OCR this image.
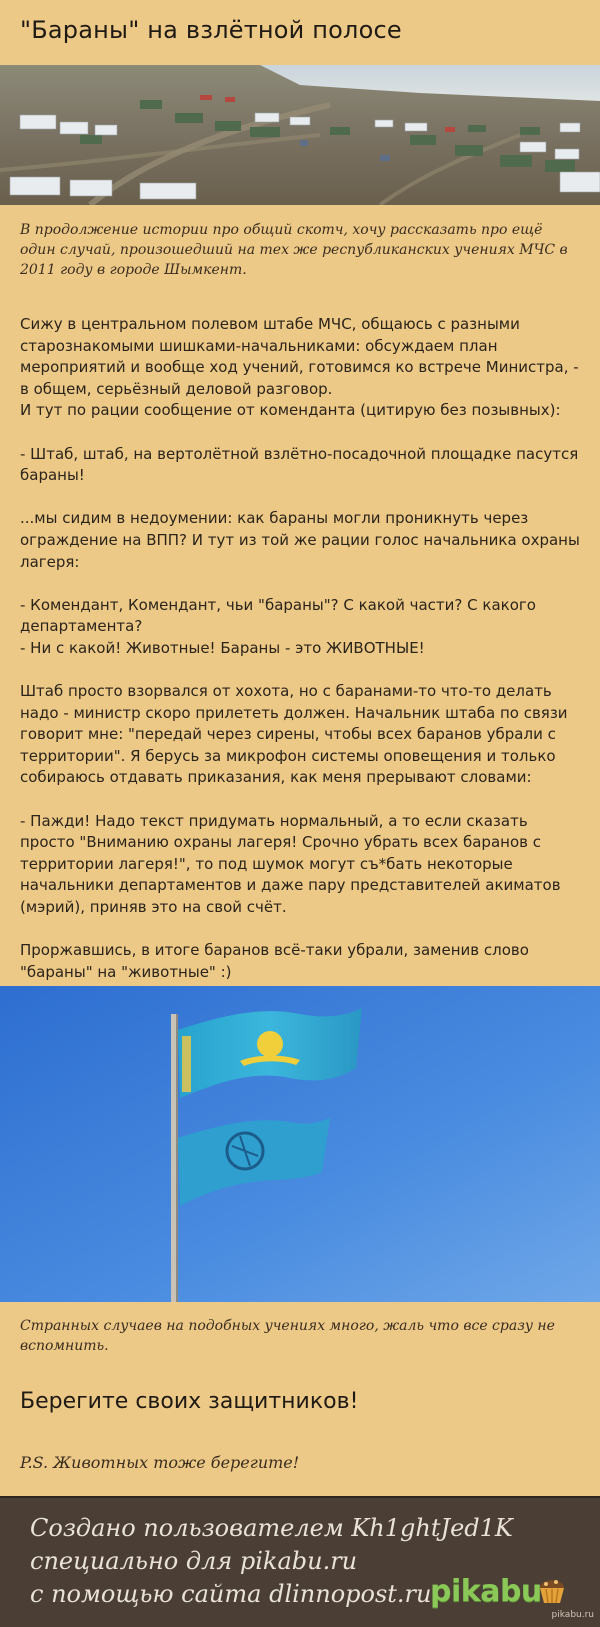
"Бараны" на взлётной полосе
В продолжение истории про общий скотч, хочу рассказать про ещё один случай, произошедший на тех же республиканских учениях МЧС в 2011 году в городе Шымкент.

Сижу в центральном полевом штабе МЧС, общаюсь с разными старознакомыми шишками-начальниками: обсуждаем план мероприятий и вообще ход учений, готовимся ко встрече Министра, - в общем, серьёзный деловой разговор.
И тут по рации сообщение от коменданта (цитирую без позывных):

- Штаб, штаб, на вертолётной взлётно-посадочной площадке пасутся бараны!

...мы сидим в недоумении: как бараны могли проникнуть через ограждение на ВПП? И тут из той же рации голос начальника охраны лагеря:

- Комендант, Комендант, чьи "бараны"? С какой части? С какого департамента?
- Ни с какой! Животные! Бараны - это ЖИВОТНЫЕ!

Штаб просто взорвался от хохота, но с баранами-то что-то делать надо - министр скоро прилететь должен. Начальник штаба по связи говорит мне: "передай через сирены, чтобы всех баранов убрали с территории". Я берусь за микрофон системы оповещения и только собираюсь отдавать приказания, как меня прерывают словами:

- Пажди! Надо текст придумать нормальный, а то если сказать просто "Вниманию охраны лагеря! Срочно убрать всех баранов с территории лагеря!", то под шумок могут съ*бать некоторые начальники департаментов и даже пару представителей акиматов (мэрий), приняв это на свой счёт.

Проржавшись, в итоге баранов всё-таки убрали, заменив слово "бараны" на "животные" :)

Странных случаев на подобных учениях много, жаль что все сразу не вспомнить.
Берегите своих защитников!
P.S. Животных тоже берегите!
Создано пользователем Kh1ghtJed1K
специально для pikabu.ru
с помощью сайта dlinnopost.ru
pikabu
pikabu.ru
